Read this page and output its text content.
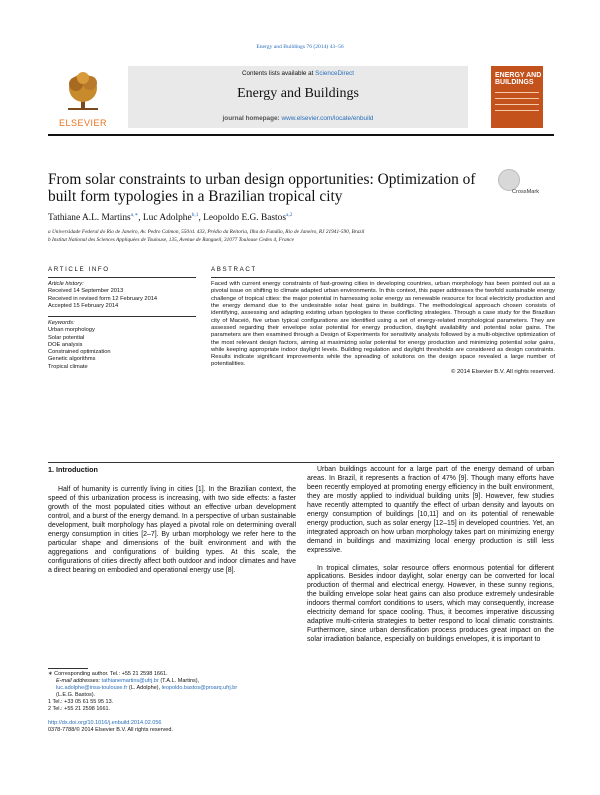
Energy and Buildings 76 (2014) 43–56
ELSEVIER
Contents lists available at ScienceDirect
Energy and Buildings
journal homepage: www.elsevier.com/locate/enbuild
ENERGY AND BUILDINGS
From solar constraints to urban design opportunities: Optimization of built form typologies in a Brazilian tropical city	CrossMark
Tathiane A.L. Martins$^{a,∗}$, Luc Adolphe$^{b,1}$, Leopoldo E.G. Bastos$^{a,2}$
a Universidade Federal do Rio de Janeiro, Av. Pedro Calmon, 550/sl. 433, Prédio da Reitoria, Ilha do Fundão, Rio de Janeiro, RJ 21941-590, Brazil
b Institut National des Sciences Appliquées de Toulouse, 135, Avenue de Rangueil, 31077 Toulouse Cedex 4, France
ARTICLE INFO	ABSTRACT
Article history:
Received 14 September 2013
Received in revised form 12 February 2014
Accepted 15 February 2014
Keywords:
Urban morphology
Solar potential
DOE analysis
Constrained optimization
Genetic algorithms
Tropical climate
Faced with current energy constraints of fast-growing cities in developing countries, urban morphology has been pointed out as a pivotal issue on shifting to climate adapted urban environments. In this context, this paper addresses the twofold sustainable energy challenge of tropical cities: the major potential in harnessing solar energy as renewable resource for local electricity production and the energy demand due to the undesirable solar heat gains in buildings. The methodological approach chosen consists of identifying, assessing and adapting existing urban typologies to these conflicting strategies. Through a case study for the Brazilian city of Maceió, five urban typical configurations are identified using a set of energy-related morphological parameters. They are assessed regarding their envelope solar potential for energy production, daylight availability and potential solar gains. The parameters are then examined through a Design of Experiments for sensitivity analysis followed by a multi-objective optimization of the most relevant design factors, aiming at maximizing solar potential for energy production and minimizing potential solar gains, while keeping appropriate indoor daylight levels. Building regulation and daylight thresholds are considered as design constraints. Results indicate significant improvements while the spreading of solutions on the design space revealed a large number of potentialities.
© 2014 Elsevier B.V. All rights reserved.
1. Introduction

Half of humanity is currently living in cities [1]. In the Brazilian context, the speed of this urbanization process is increasing, with two side effects: a faster growth of the most populated cities without an effective urban development control, and a burst of the energy demand. In a perspective of urban sustainable development, built morphology has played a pivotal role on determining overall energy consumption in cities [2–7]. By urban morphology we refer here to the particular shape and dimensions of the built environment and with the aggregations and configurations of building types. At this scale, the configurations of cities directly affect both outdoor and indoor climates and have a direct bearing on embodied and operational energy use [8].

Urban buildings account for a large part of the energy demand of urban areas. In Brazil, it represents a fraction of 47% [9]. Though many efforts have been recently employed at promoting energy efficiency in the built environment, they are mostly applied to individual building units [9]. However, few studies have recently attempted to quantify the effect of urban density and layouts on energy consumption of buildings [10,11] and on its potential of renewable energy production, such as solar energy [12–15] in developed countries. Yet, an integrated approach on how urban morphology takes part on minimizing energy demand in buildings and maximizing local energy production is still less expressive.

In tropical climates, solar resource offers enormous potential for different applications. Besides indoor daylight, solar energy can be converted for local production of thermal and electrical energy. However, in these sunny regions, the building envelope solar heat gains can also produce extremely undesirable indoors thermal comfort conditions to users, which may consequently, increase electricity demand for space cooling. Thus, it becomes imperative discussing adaptive multi-criteria strategies to better respond to local climatic constraints. Furthermore, since urban densification process produces great impact on the solar irradiation balance, especially on buildings envelopes, it is important to

∗ Corresponding author. Tel.: +55 21 2598 1661.
E-mail addresses: tathianemartins@ufrj.br (T.A.L. Martins),
luc.adolphe@insa-toulouse.fr (L. Adolphe), leopoldo.bastos@proarq.ufrj.br
(L.E.G. Bastos).
1 Tel.: +33 05 61 55 95 13.
2 Tel.: +55 21 2598 1661.
http://dx.doi.org/10.1016/j.enbuild.2014.02.056
0378-7788/© 2014 Elsevier B.V. All rights reserved.
